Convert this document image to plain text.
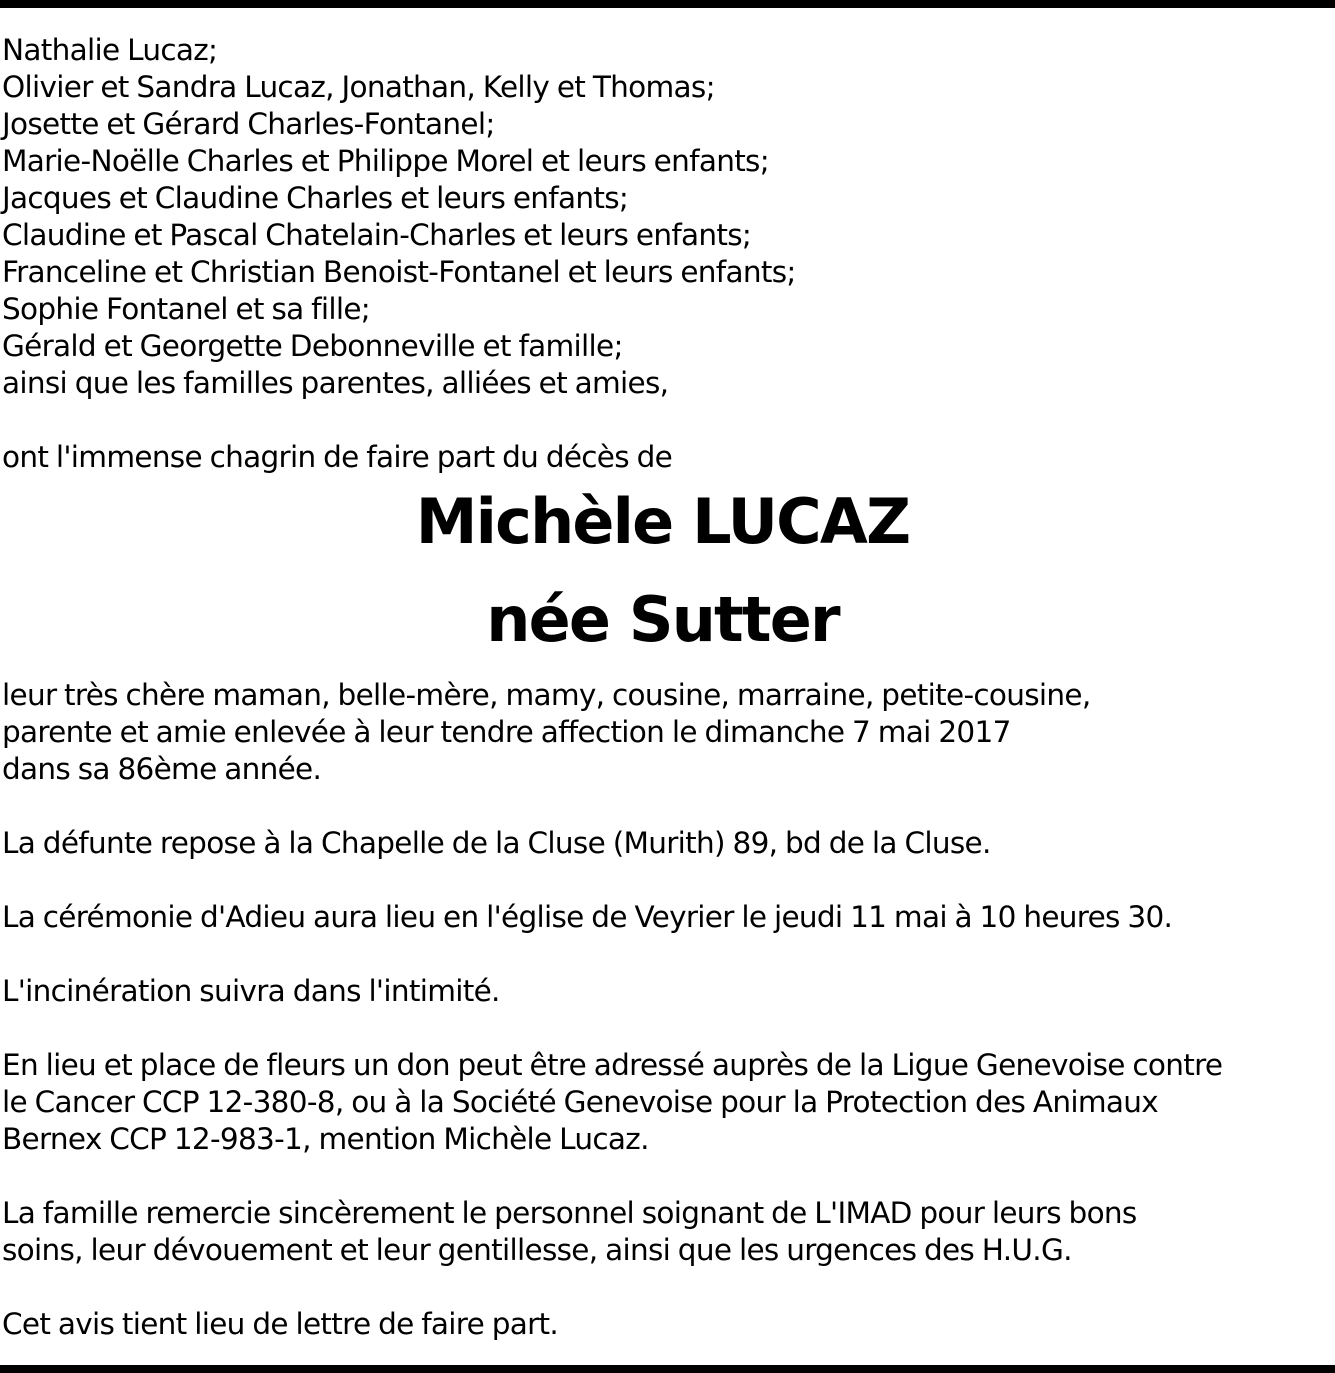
Nathalie Lucaz;
Olivier et Sandra Lucaz, Jonathan, Kelly et Thomas;
Josette et Gérard Charles-Fontanel;
Marie-Noëlle Charles et Philippe Morel et leurs enfants;
Jacques et Claudine Charles et leurs enfants;
Claudine et Pascal Chatelain-Charles et leurs enfants;
Franceline et Christian Benoist-Fontanel et leurs enfants;
Sophie Fontanel et sa fille;
Gérald et Georgette Debonneville et famille;
ainsi que les familles parentes, alliées et amies,
ont l'immense chagrin de faire part du décès de
Michèle LUCAZ
née Sutter
leur très chère maman, belle-mère, mamy, cousine, marraine, petite-cousine,
parente et amie enlevée à leur tendre affection le dimanche 7 mai 2017
dans sa 86ème année.
La défunte repose à la Chapelle de la Cluse (Murith) 89, bd de la Cluse.
La cérémonie d'Adieu aura lieu en l'église de Veyrier le jeudi 11 mai à 10 heures 30.
L'incinération suivra dans l'intimité.
En lieu et place de fleurs un don peut être adressé auprès de la Ligue Genevoise contre
le Cancer CCP 12-380-8, ou à la Société Genevoise pour la Protection des Animaux
Bernex CCP 12-983-1, mention Michèle Lucaz.
La famille remercie sincèrement le personnel soignant de L'IMAD pour leurs bons
soins, leur dévouement et leur gentillesse, ainsi que les urgences des H.U.G.
Cet avis tient lieu de lettre de faire part.
